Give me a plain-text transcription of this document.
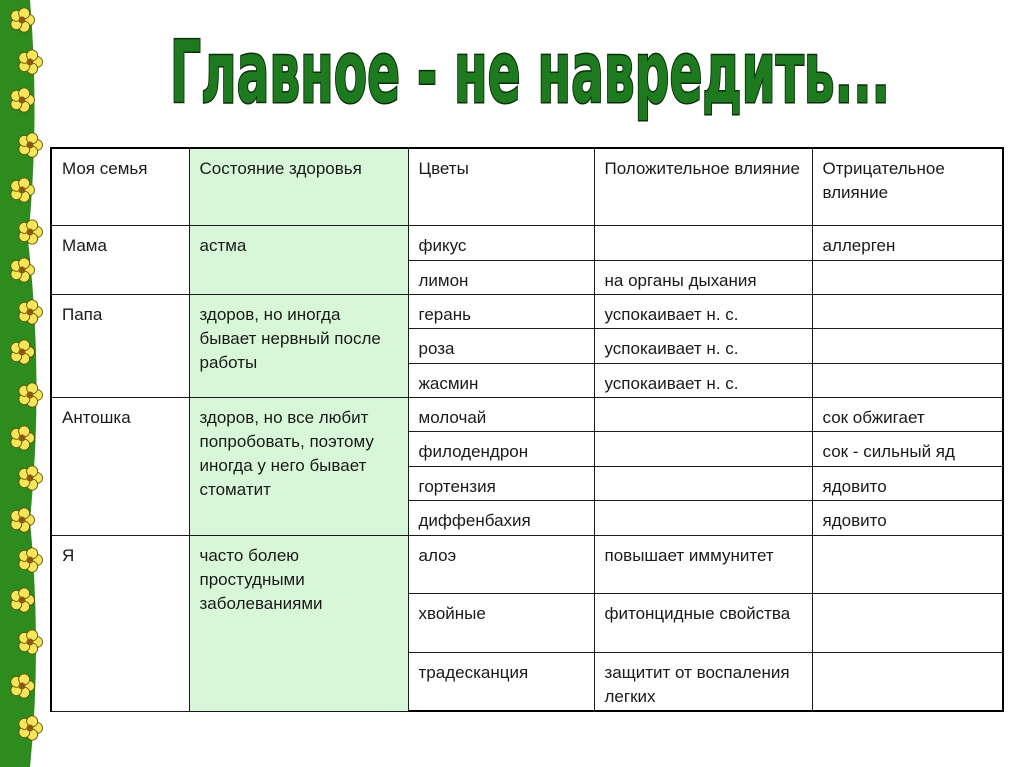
Главное - не навредить...
Моя семья	Состояние здоровья	Цветы	Положительное влияние	Отрицательное влияние
Мама	астма	фикус		аллерген
		лимон	на органы дыхания	
Папа	здоров, но иногда бывает нервный после работы	герань	успокаивает н. с.	
		роза	успокаивает н. с.	
		жасмин	успокаивает н. с.	
Антошка	здоров, но все любит попробовать, поэтому иногда у него бывает стоматит	молочай		сок обжигает
		филодендрон		сок - сильный яд
		гортензия		ядовито
		диффенбахия		ядовито
Я	часто болею простудными заболеваниями	алоэ	повышает иммунитет	
		хвойные	фитонцидные свойства	
		традесканция	защитит от воспаления легких	
